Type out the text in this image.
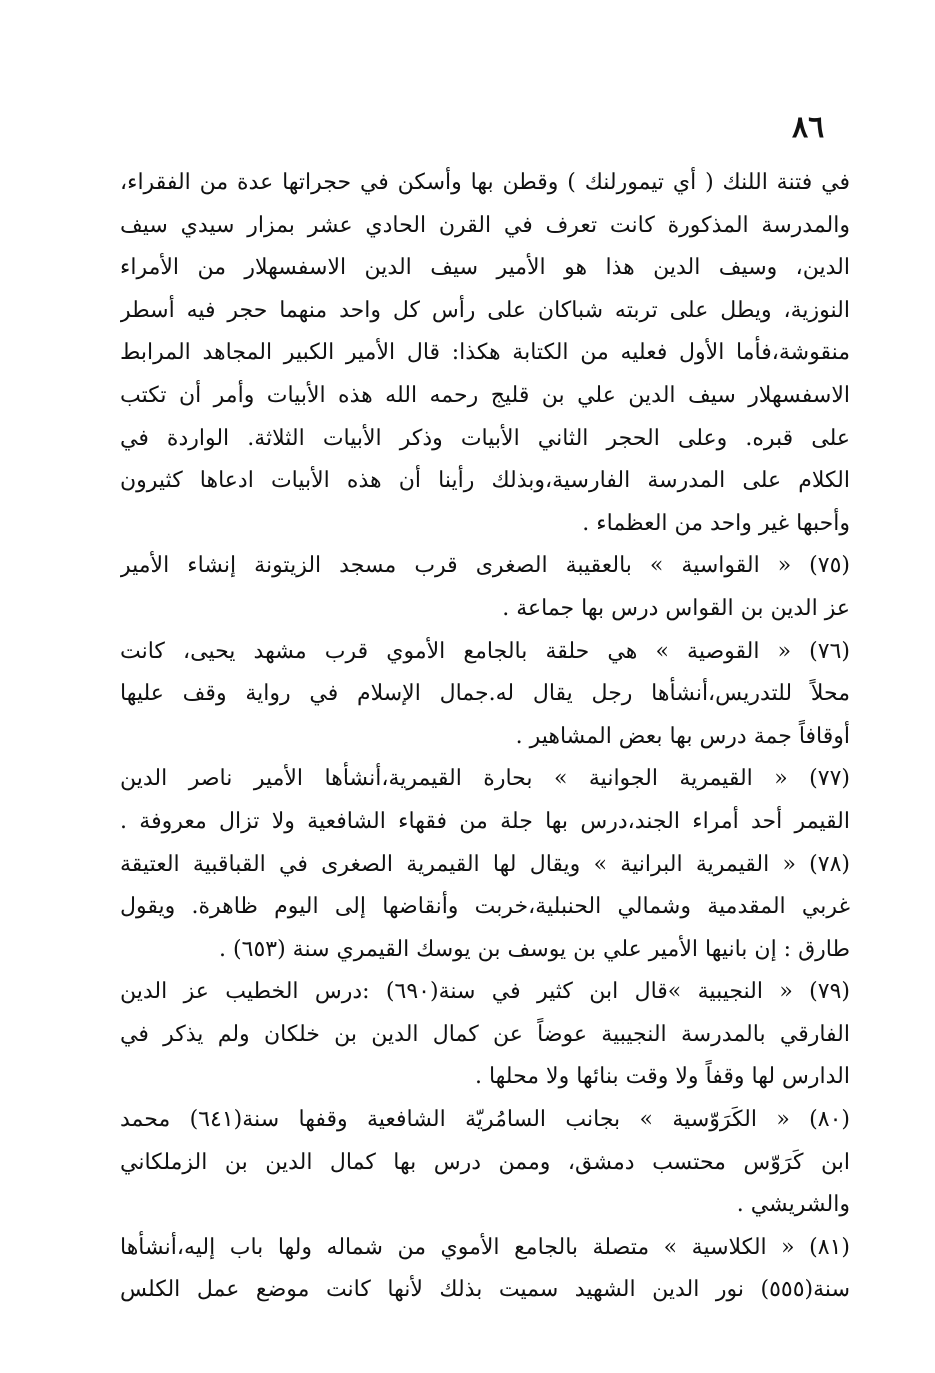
٨٦
في فتنة اللنك ( أي تيمورلنك ) وقطن بها وأسكن في حجراتها عدة من الفقراء،
والمدرسة المذكورة كانت تعرف في القرن الحادي عشر بمزار سيدي سيف
الدين، وسيف الدين هذا هو الأمير سيف الدين الاسفسهلار من الأمراء
النوزية، ويطل على تربته شباكان على رأس كل واحد منهما حجر فيه أسطر
منقوشة،فأما الأول فعليه من الكتابة هكذا: قال الأمير الكبير المجاهد المرابط
الاسفسهلار سيف الدين علي بن قليج رحمه الله هذه الأبيات وأمر أن تكتب
على قبره. وعلى الحجر الثاني الأبيات وذكر الأبيات الثلاثة. الواردة في
الكلام على المدرسة الفارسية،وبذلك رأينا أن هذه الأبيات ادعاها كثيرون
وأحبها غير واحد من العظماء .
(٧٥) « القواسية » بالعقيبة الصغرى قرب مسجد الزيتونة إنشاء الأمير
عز الدين بن القواس درس بها جماعة .
(٧٦) « القوصية » هي حلقة بالجامع الأموي قرب مشهد يحيى، كانت
محلاً للتدريس،أنشأها رجل يقال له.جمال الإسلام في رواية وقف عليها
أوقافاً جمة درس بها بعض المشاهير .
(٧٧) « القيمرية الجوانية » بحارة القيمرية،أنشأها الأمير ناصر الدين
القيمر أحد أمراء الجند،درس بها جلة من فقهاء الشافعية ولا تزال معروفة .
(٧٨) « القيمرية البرانية » ويقال لها القيمرية الصغرى في القباقبية العتيقة
غربي المقدمية وشمالي الحنبلية،خربت وأنقاضها إلى اليوم ظاهرة. ويقول
طارق : إن بانيها الأمير علي بن يوسف بن يوسك القيمري سنة (٦٥٣) .
(٧٩) « النجيبية »قال ابن كثير في سنة(٦٩٠) :درس الخطيب عز الدين
الفارقي بالمدرسة النجيبية عوضاً عن كمال الدين بن خلكان ولم يذكر في
الدارس لها وقفاً ولا وقت بنائها ولا محلها .
(٨٠) « الكَرَوّسية » بجانب السامُريّة الشافعية وقفها سنة(٦٤١) محمد
ابن كَرَوّس محتسب دمشق، وممن درس بها كمال الدين بن الزملكاني
والشريشي .
(٨١) « الكلاسية » متصلة بالجامع الأموي من شماله ولها باب إليه،أنشأها
سنة(٥٥٥) نور الدين الشهيد سميت بذلك لأنها كانت موضع عمل الكلس
